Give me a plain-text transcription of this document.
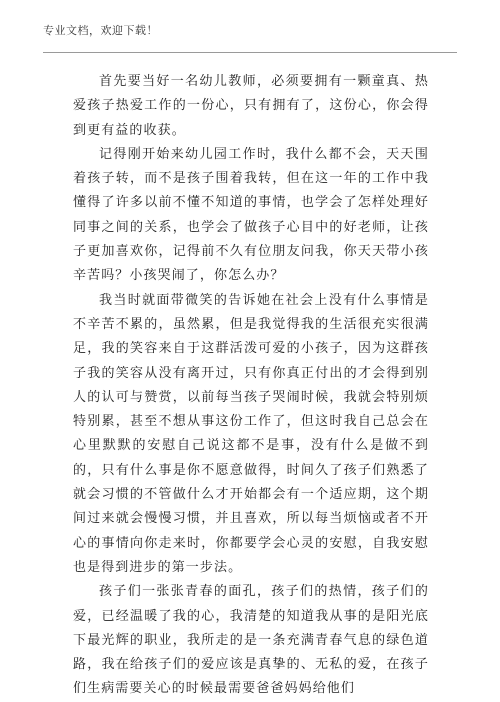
专业文档，欢迎下载！

首先要当好一名幼儿教师，必须要拥有一颗童真、热爱孩子热爱工作的一份心，只有拥有了，这份心，你会得到更有益的收获。

记得刚开始来幼儿园工作时，我什么都不会，天天围着孩子转，而不是孩子围着我转，但在这一年的工作中我懂得了许多以前不懂不知道的事情，也学会了怎样处理好同事之间的关系，也学会了做孩子心目中的好老师，让孩子更加喜欢你，记得前不久有位朋友问我，你天天带小孩辛苦吗？小孩哭闹了，你怎么办？

我当时就面带微笑的告诉她在社会上没有什么事情是不辛苦不累的，虽然累，但是我觉得我的生活很充实很满足，我的笑容来自于这群活泼可爱的小孩子，因为这群孩子我的笑容从没有离开过，只有你真正付出的才会得到别人的认可与赞赏，以前每当孩子哭闹时候，我就会特别烦特别累，甚至不想从事这份工作了，但这时我自己总会在心里默默的安慰自己说这都不是事，没有什么是做不到的，只有什么事是你不愿意做得，时间久了孩子们熟悉了就会习惯的不管做什么才开始都会有一个适应期，这个期间过来就会慢慢习惯，并且喜欢，所以每当烦恼或者不开心的事情向你走来时，你都要学会心灵的安慰，自我安慰也是得到进步的第一步法。

孩子们一张张青春的面孔，孩子们的热情，孩子们的爱，已经温暖了我的心，我清楚的知道我从事的是阳光底下最光辉的职业，我所走的是一条充满青春气息的绿色道路，我在给孩子们的爱应该是真挚的、无私的爱，在孩子们生病需要关心的时候最需要爸爸妈妈给他们
